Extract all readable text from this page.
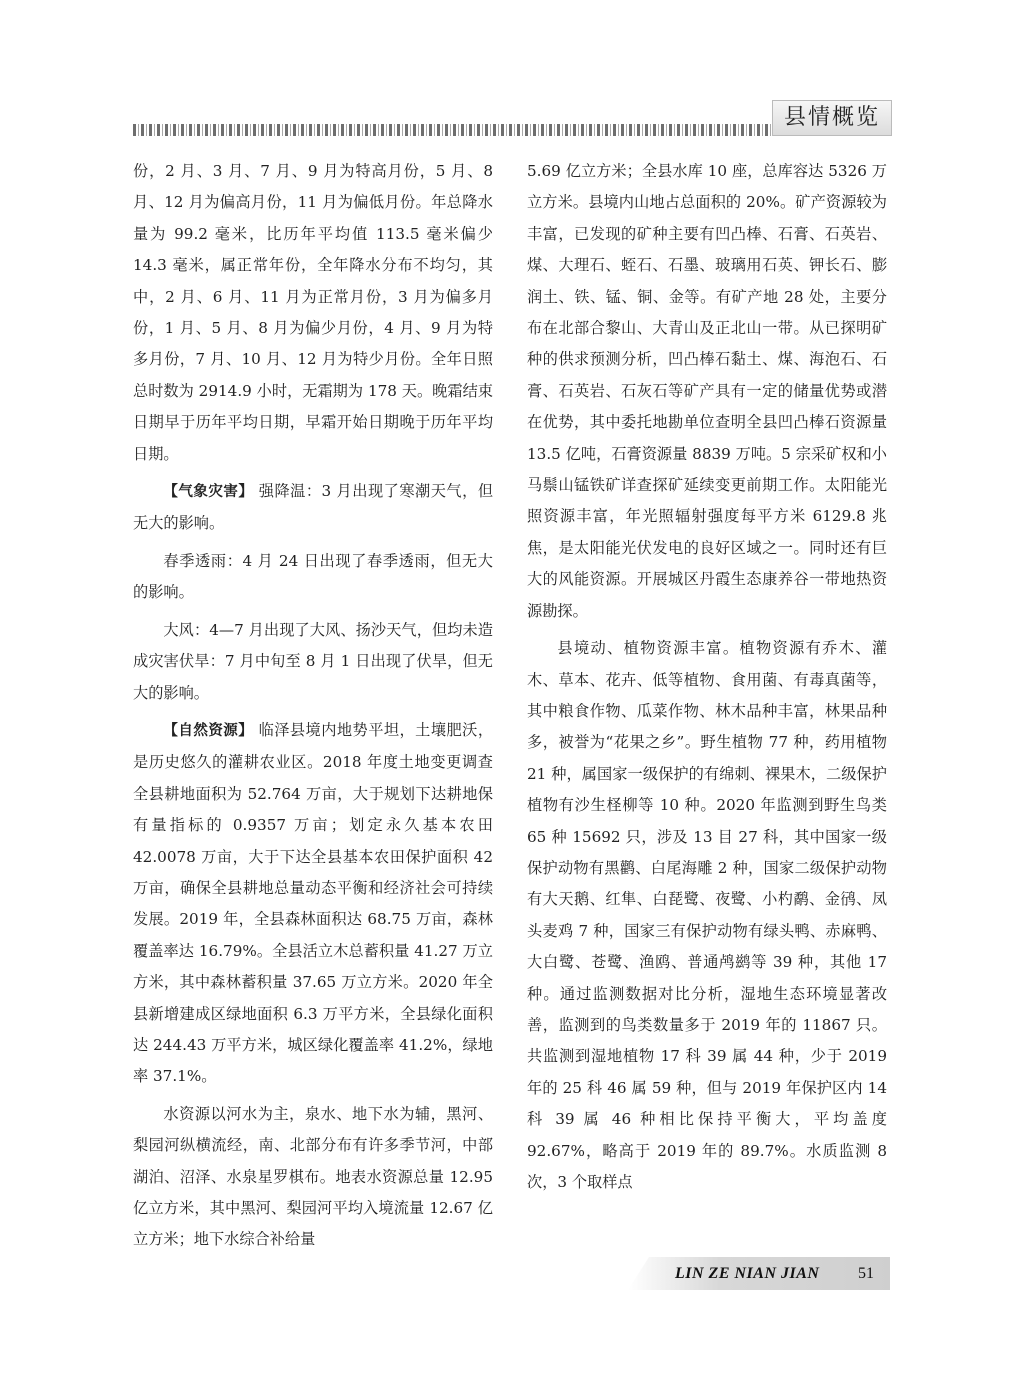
县情概览

份，2 月、3 月、7 月、9 月为特高月份，5 月、8 月、12 月为偏高月份，11 月为偏低月份。年总降水量为 99.2 毫米，比历年平均值 113.5 毫米偏少 14.3 毫米，属正常年份，全年降水分布不均匀，其中，2 月、6 月、11 月为正常月份，3 月为偏多月份，1 月、5 月、8 月为偏少月份，4 月、9 月为特多月份，7 月、10 月、12 月为特少月份。全年日照总时数为 2914.9 小时，无霜期为 178 天。晚霜结束日期早于历年平均日期，早霜开始日期晚于历年平均日期。

【气象灾害】 强降温：3 月出现了寒潮天气，但无大的影响。

春季透雨：4 月 24 日出现了春季透雨，但无大的影响。

大风：4—7 月出现了大风、扬沙天气，但均未造成灾害伏旱：7 月中旬至 8 月 1 日出现了伏旱，但无大的影响。

【自然资源】 临泽县境内地势平坦，土壤肥沃，是历史悠久的灌耕农业区。2018 年度土地变更调查全县耕地面积为 52.764 万亩，大于规划下达耕地保有量指标的 0.9357 万亩；划定永久基本农田 42.0078 万亩，大于下达全县基本农田保护面积 42 万亩，确保全县耕地总量动态平衡和经济社会可持续发展。2019 年，全县森林面积达 68.75 万亩，森林覆盖率达 16.79%。全县活立木总蓄积量 41.27 万立方米，其中森林蓄积量 37.65 万立方米。2020 年全县新增建成区绿地面积 6.3 万平方米，全县绿化面积达 244.43 万平方米，城区绿化覆盖率 41.2%，绿地率 37.1%。

水资源以河水为主，泉水、地下水为辅，黑河、梨园河纵横流经，南、北部分布有许多季节河，中部湖泊、沼泽、水泉星罗棋布。地表水资源总量 12.95 亿立方米，其中黑河、梨园河平均入境流量 12.67 亿立方米；地下水综合补给量

5.69 亿立方米；全县水库 10 座，总库容达 5326 万立方米。县境内山地占总面积的 20%。矿产资源较为丰富，已发现的矿种主要有凹凸棒、石膏、石英岩、煤、大理石、蛭石、石墨、玻璃用石英、钾长石、膨润土、铁、锰、铜、金等。有矿产地 28 处，主要分布在北部合黎山、大青山及正北山一带。从已探明矿种的供求预测分析，凹凸棒石黏土、煤、海泡石、石膏、石英岩、石灰石等矿产具有一定的储量优势或潜在优势，其中委托地勘单位查明全县凹凸棒石资源量 13.5 亿吨，石膏资源量 8839 万吨。5 宗采矿权和小马鬃山锰铁矿详查探矿延续变更前期工作。太阳能光照资源丰富，年光照辐射强度每平方米 6129.8 兆焦，是太阳能光伏发电的良好区域之一。同时还有巨大的风能资源。开展城区丹霞生态康养谷一带地热资源勘探。

县境动、植物资源丰富。植物资源有乔木、灌木、草本、花卉、低等植物、食用菌、有毒真菌等，其中粮食作物、瓜菜作物、林木品种丰富，林果品种多，被誉为“花果之乡”。野生植物 77 种，药用植物 21 种，属国家一级保护的有绵刺、裸果木，二级保护植物有沙生柽柳等 10 种。2020 年监测到野生鸟类 65 种 15692 只，涉及 13 目 27 科，其中国家一级保护动物有黑鹳、白尾海雕 2 种，国家二级保护动物有大天鹅、红隼、白琵鹭、夜鹭、小杓鹬、金鸻、凤头麦鸡 7 种，国家三有保护动物有绿头鸭、赤麻鸭、大白鹭、苍鹭、渔鸥、普通鸬鹚等 39 种，其他 17 种。通过监测数据对比分析，湿地生态环境显著改善，监测到的鸟类数量多于 2019 年的 11867 只。共监测到湿地植物 17 科 39 属 44 种，少于 2019 年的 25 科 46 属 59 种，但与 2019 年保护区内 14 科 39 属 46 种相比保持平衡大，平均盖度 92.67%，略高于 2019 年的 89.7%。水质监测 8 次，3 个取样点

LIN ZE NIAN JIAN 51
